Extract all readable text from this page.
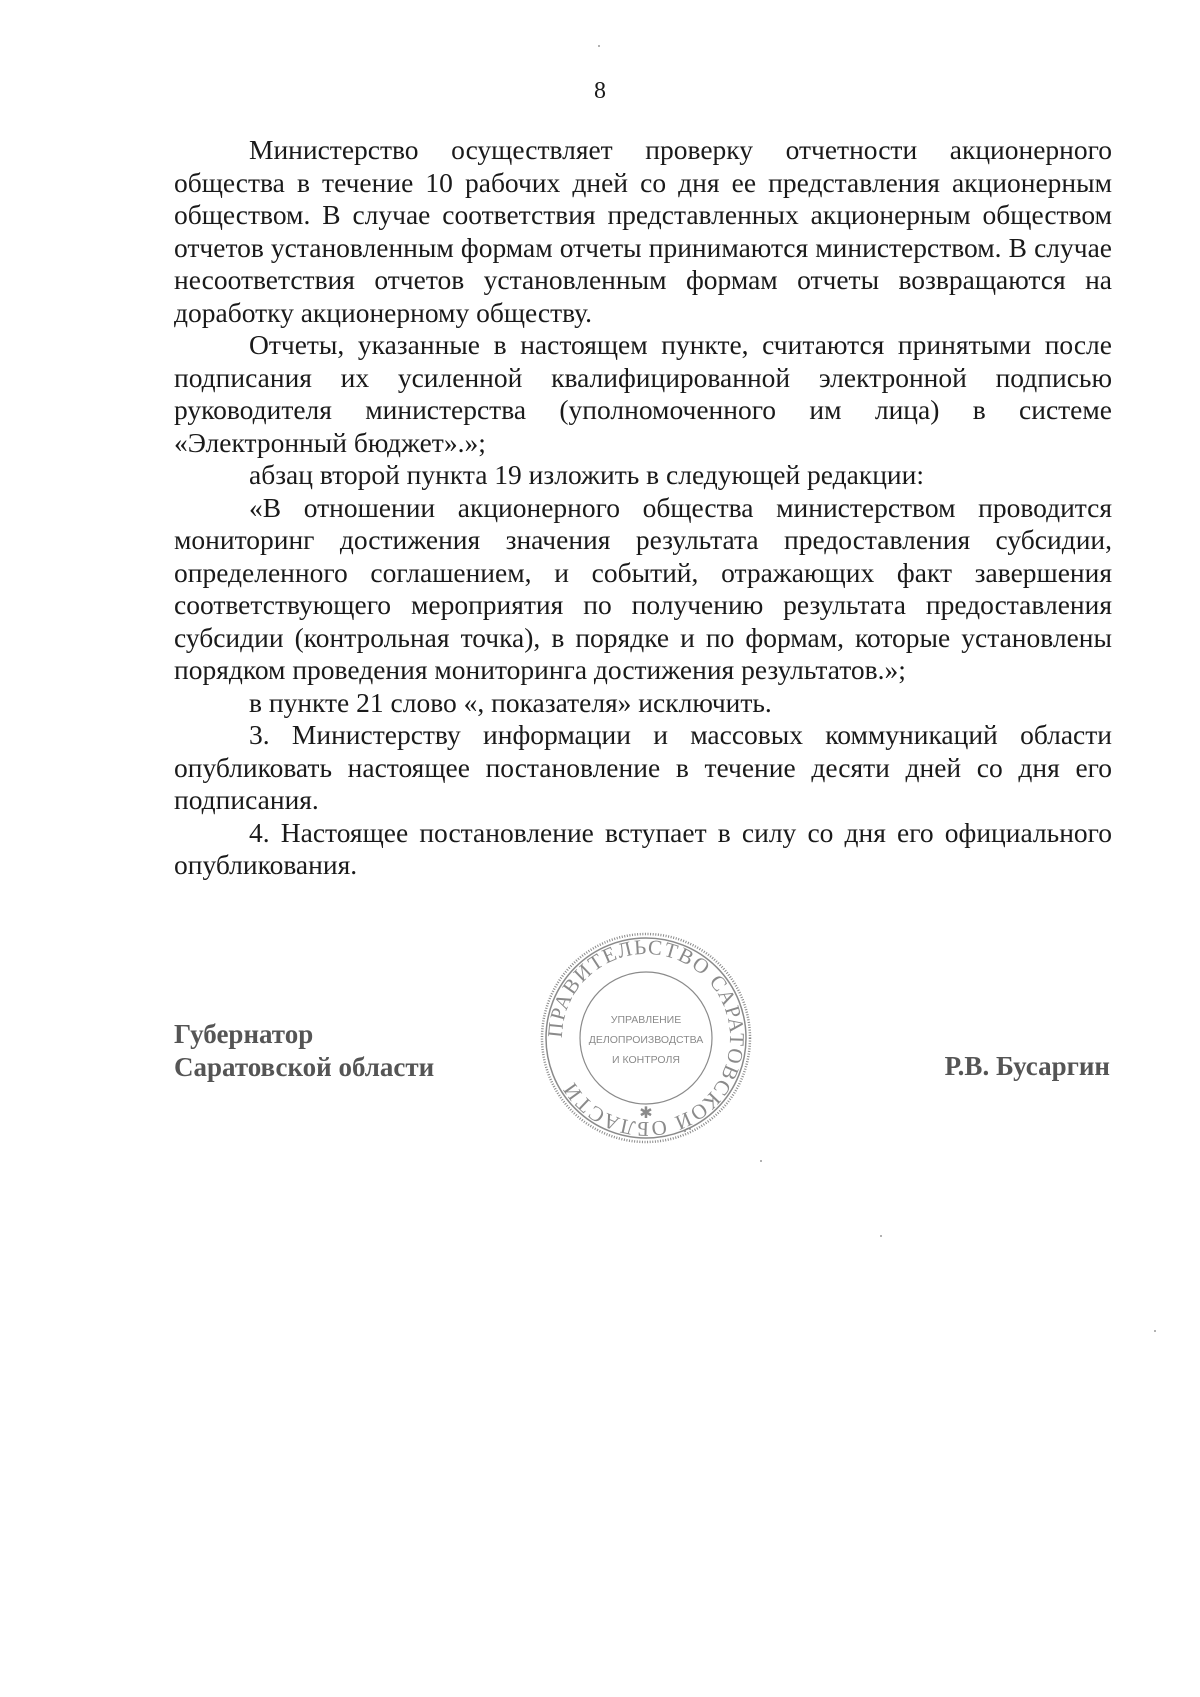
8

Министерство осуществляет проверку отчетности акционерного общества в течение 10 рабочих дней со дня ее представления акционерным обществом. В случае соответствия представленных акционерным обществом отчетов установленным формам отчеты принимаются министерством. В случае несоответствия отчетов установленным формам отчеты возвращаются на доработку акционерному обществу.

Отчеты, указанные в настоящем пункте, считаются принятыми после подписания их усиленной квалифицированной электронной подписью руководителя министерства (уполномоченного им лица) в системе «Электронный бюджет».»;

абзац второй пункта 19 изложить в следующей редакции:

«В отношении акционерного общества министерством проводится мониторинг достижения значения результата предоставления субсидии, определенного соглашением, и событий, отражающих факт завершения соответствующего мероприятия по получению результата предоставления субсидии (контрольная точка), в порядке и по формам, которые установлены порядком проведения мониторинга достижения результатов.»;

в пункте 21 слово «, показателя» исключить.

3. Министерству информации и массовых коммуникаций области опубликовать настоящее постановление в течение десяти дней со дня его подписания.

4. Настоящее постановление вступает в силу со дня его официального опубликования.

Губернатор
Саратовской области	Р.В. Бусаргин
ПРАВИТЕЛЬСТВО САРАТОВСКОЙ ОБЛАСТИ
УПРАВЛЕНИЕ
ДЕЛОПРОИЗВОДСТВА
И КОНТРОЛЯ
✱
